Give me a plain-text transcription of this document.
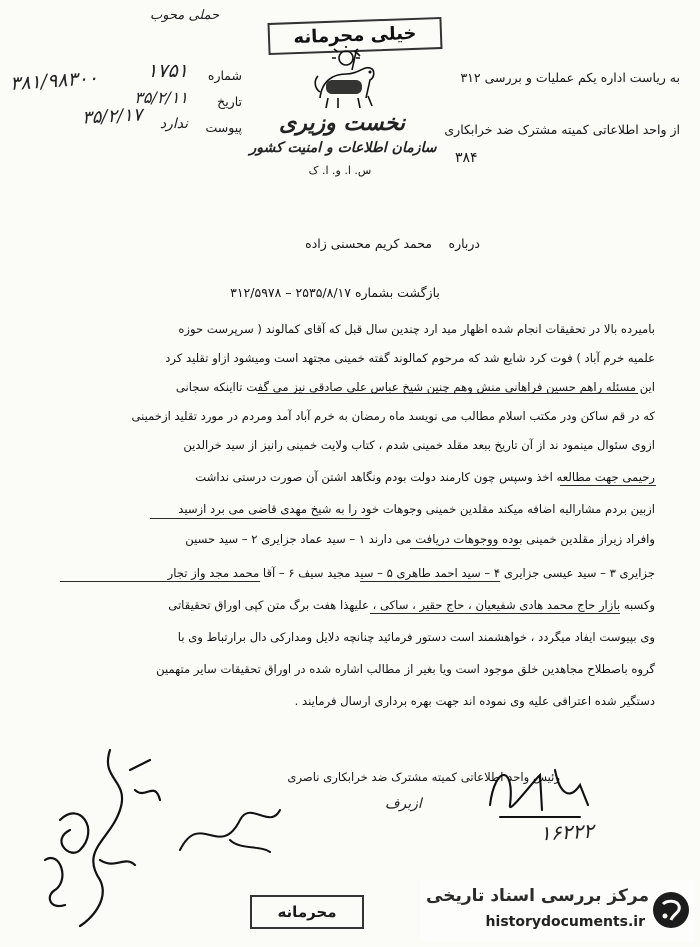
حملی محوب
خیلی محرمانه
نخست وزیری
سازمان اطلاعات و امنیت کشور
س. ا. و. ا. ک
به ریاست اداره یکم عملیات و بررسی ۳۱۲
از واحد اطلاعاتی کمیته مشترک ضد خرابکاری
۳۸۴
شماره
تاریخ
پیوست
۱۷۵۱
۳۵/۲/۱۱
ندارد
۳۸۱/۹۸۳۰۰
۳۵/۲/۱۷
درباره
محمد کریم محسنی زاده
بازگشت بشماره ۲۵۳۵/۸/۱۷ – ۳۱۲/۵۹۷۸
بامیرده بالا در تحقیقات انجام شده اظهار مید ارد چندین سال قبل که آقای کمالوند ( سرپرست حوزه
علمیه خرم آباد ) فوت کرد شایع شد که مرحوم کمالوند گفته خمینی مجتهد است ومیشود ازاو تقلید کرد
این مسئله راهم حسین فراهانی منش وهم چنین شیخ عباس علی صادقی نیز می گفت تااینکه سجانی
که در قم ساکن ودر مکتب اسلام مطالب می نویسد ماه رمضان به خرم آباد آمد ومردم در مورد تقلید ازخمینی
ازوی سئوال مینمود ند از آن تاریخ ببعد مقلد خمینی شدم ، کتاب ولایت خمینی رانیز از سید خرالدین
رحیمی جهت مطالعه اخذ وسپس چون کارمند دولت بودم ونگاهد اشتن آن صورت درستی نداشت
ازبین بردم مشارالیه اضافه میکند مقلدین خمینی وجوهات خود را به شیخ مهدی قاضی می برد ازسید
وافراد زیراز مقلدین خمینی بوده ووجوهات دریافت می دارند ۱ – سید عماد جزایری ۲ – سید حسین
جزایری ۳ – سید عیسی جزایری ۴ – سید احمد طاهری ۵ – سید مجید سیف ۶ – آقا محمد مجد واز تجار
وکسبه بازار حاج محمد هادی شفیعیان ، حاج حقیر ، ساکی ، علیهذا هفت برگ متن کپی اوراق تحقیقاتی
وی بپیوست ایفاد میگردد ، خواهشمند است دستور فرمائید چنانچه دلایل ومدارکی دال برارتباط وی با
گروه باصطلاح مجاهدین خلق موجود است ویا بغیر از مطالب اشاره شده در اوراق تحقیقات سایر متهمین
دستگیر شده اعترافی علیه وی نموده اند جهت بهره برداری ارسال فرمایند .
رئیس واحد اطلاعاتی کمیته مشترک ضد خرابکاری ناصری
ازبرف
۱۶۲۲۲
محرمانه
مرکز بررسی اسناد تاریخی
historydocuments.ir
